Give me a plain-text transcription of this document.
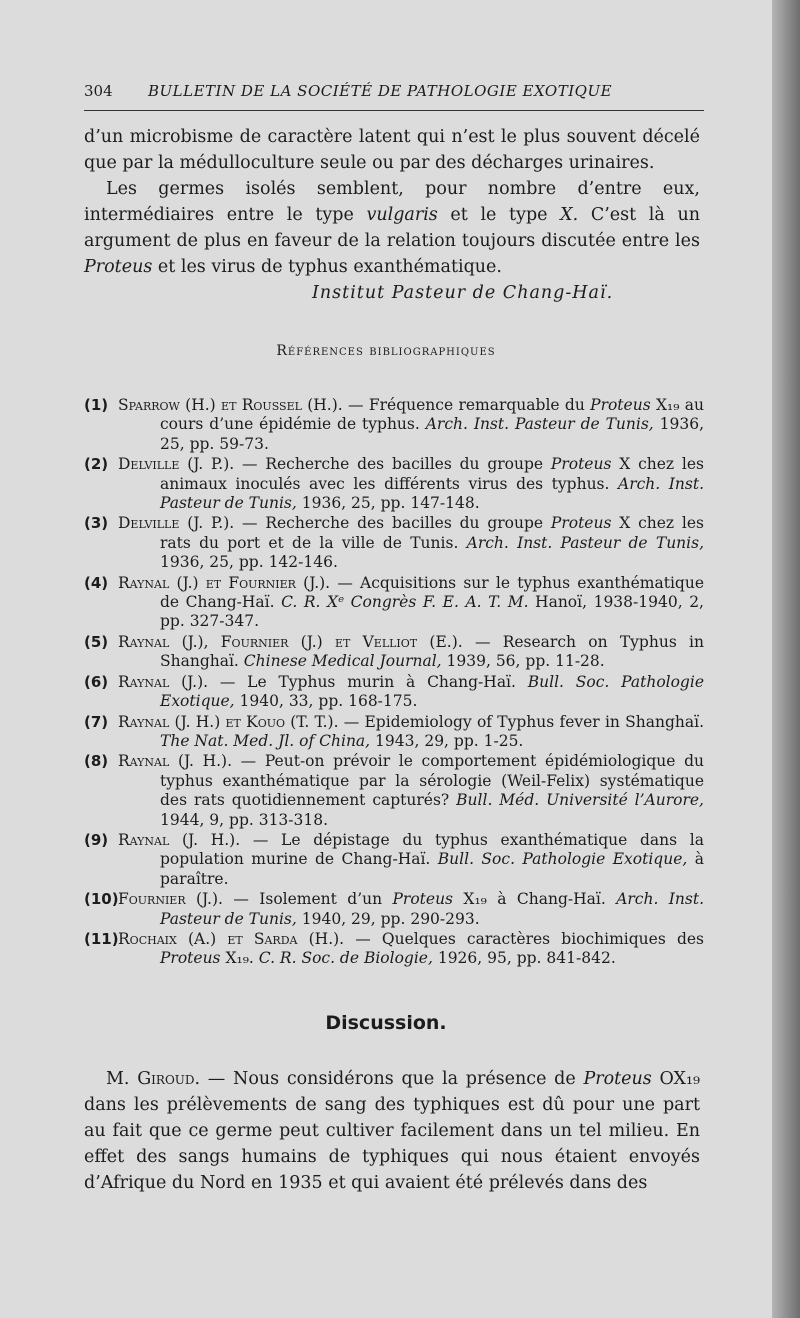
304 BULLETIN DE LA SOCIÉTÉ DE PATHOLOGIE EXOTIQUE

d’un microbisme de caractère latent qui n’est le plus souvent décelé que par la médulloculture seule ou par des décharges urinaires.

Les germes isolés semblent, pour nombre d’entre eux, intermédiaires entre le type vulgaris et le type X. C’est là un argument de plus en faveur de la relation toujours discutée entre les Proteus et les virus de typhus exanthématique.

Institut Pasteur de Chang-Haï.
Références bibliographiques
(1) Sparrow (H.) et Roussel (H.). — Fréquence remarquable du Proteus X₁₉ au cours d’une épidémie de typhus. Arch. Inst. Pasteur de Tunis, 1936, 25, pp. 59-73.
(2) Delville (J. P.). — Recherche des bacilles du groupe Proteus X chez les animaux inoculés avec les différents virus des typhus. Arch. Inst. Pasteur de Tunis, 1936, 25, pp. 147-148.
(3) Delville (J. P.). — Recherche des bacilles du groupe Proteus X chez les rats du port et de la ville de Tunis. Arch. Inst. Pasteur de Tunis, 1936, 25, pp. 142-146.
(4) Raynal (J.) et Fournier (J.). — Acquisitions sur le typhus exanthématique de Chang-Haï. C. R. Xᵉ Congrès F. E. A. T. M. Hanoï, 1938-1940, 2, pp. 327-347.
(5) Raynal (J.), Fournier (J.) et Velliot (E.). — Research on Typhus in Shanghaï. Chinese Medical Journal, 1939, 56, pp. 11-28.
(6) Raynal (J.). — Le Typhus murin à Chang-Haï. Bull. Soc. Pathologie Exotique, 1940, 33, pp. 168-175.
(7) Raynal (J. H.) et Kouo (T. T.). — Epidemiology of Typhus fever in Shanghaï. The Nat. Med. Jl. of China, 1943, 29, pp. 1-25.
(8) Raynal (J. H.). — Peut-on prévoir le comportement épidémiologique du typhus exanthématique par la sérologie (Weil-Felix) systématique des rats quotidiennement capturés? Bull. Méd. Université l’Aurore, 1944, 9, pp. 313-318.
(9) Raynal (J. H.). — Le dépistage du typhus exanthématique dans la population murine de Chang-Haï. Bull. Soc. Pathologie Exotique, à paraître.
(10) Fournier (J.). — Isolement d’un Proteus X₁₉ à Chang-Haï. Arch. Inst. Pasteur de Tunis, 1940, 29, pp. 290-293.
(11) Rochaix (A.) et Sarda (H.). — Quelques caractères biochimiques des Proteus X₁₉. C. R. Soc. de Biologie, 1926, 95, pp. 841-842.
Discussion.

M. Giroud. — Nous considérons que la présence de Proteus OX₁₉ dans les prélèvements de sang des typhiques est dû pour une part au fait que ce germe peut cultiver facilement dans un tel milieu. En effet des sangs humains de typhiques qui nous étaient envoyés d’Afrique du Nord en 1935 et qui avaient été prélevés dans des
